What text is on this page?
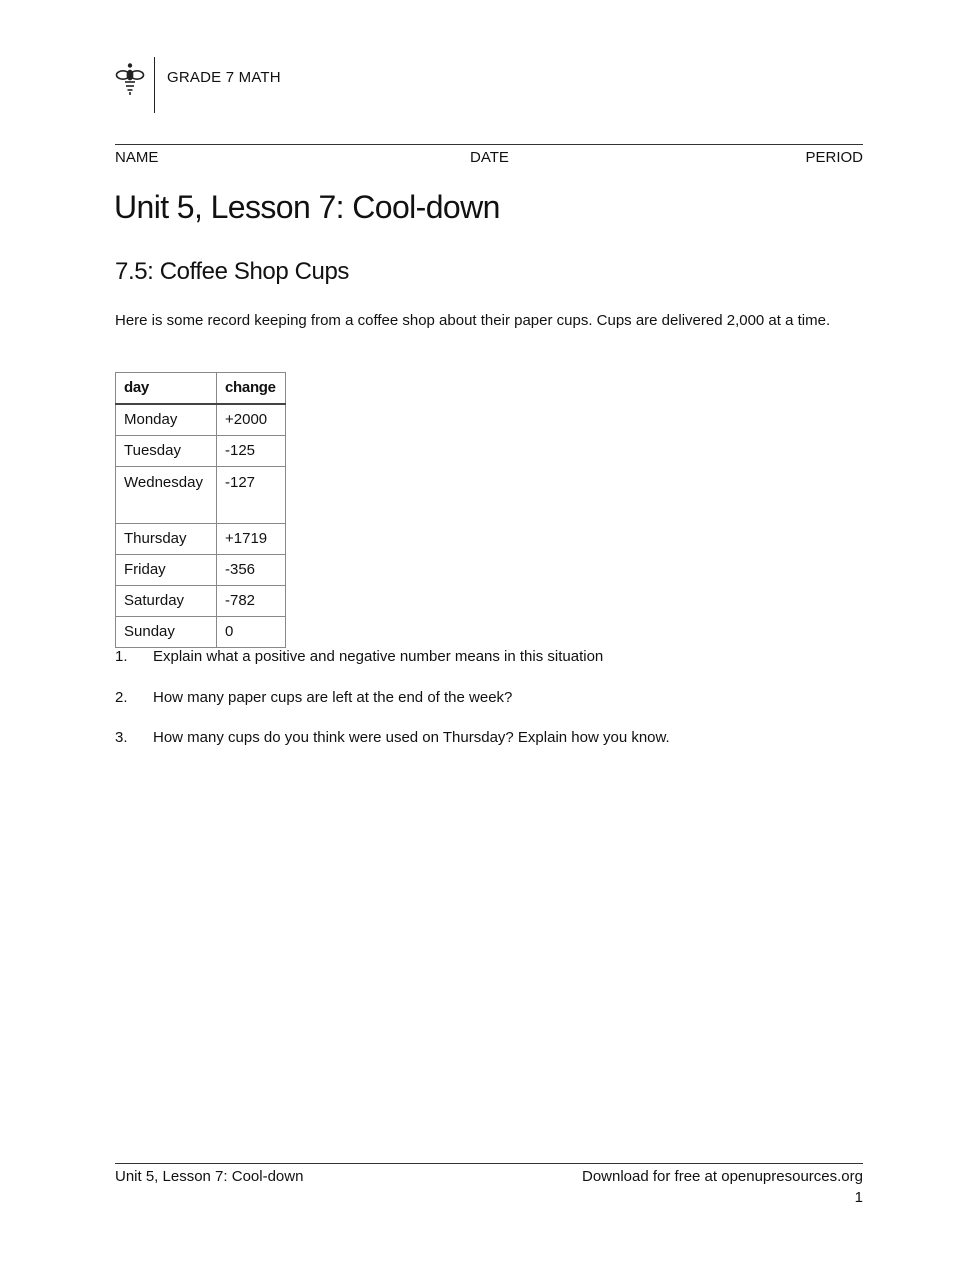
GRADE 7 MATH
NAME	DATE	PERIOD
Unit 5, Lesson 7: Cool-down
7.5: Coffee Shop Cups

Here is some record keeping from a coffee shop about their paper cups. Cups are delivered 2,000 at a time.

day	change
Monday	+2000
Tuesday	-125
Wednesday	-127
Thursday	+1719
Friday	-356
Saturday	-782
Sunday	0
1. Explain what a positive and negative number means in this situation
2. How many paper cups are left at the end of the week?
3. How many cups do you think were used on Thursday? Explain how you know.
Unit 5, Lesson 7: Cool-down	Download for free at openupresources.org
1
